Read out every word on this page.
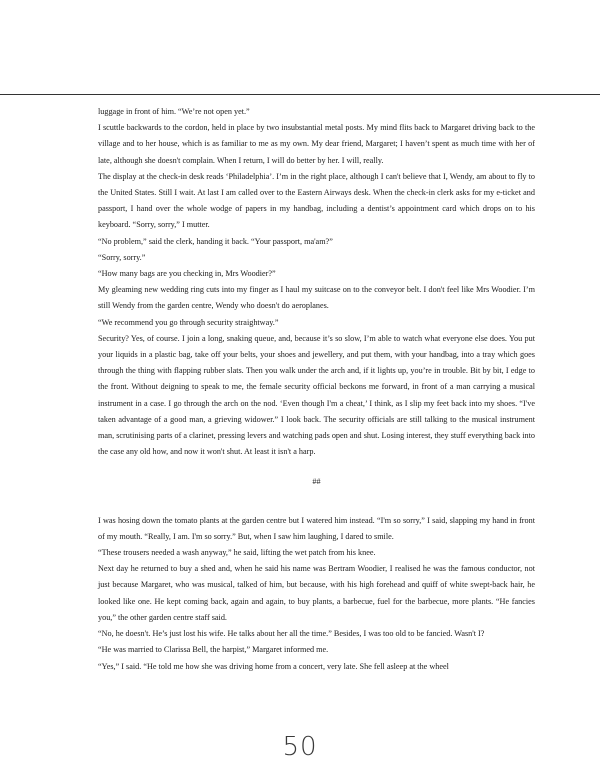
luggage in front of him. “We’re not open yet.”

I scuttle backwards to the cordon, held in place by two insubstantial metal posts. My mind flits back to Margaret driving back to the village and to her house, which is as familiar to me as my own. My dear friend, Margaret; I haven’t spent as much time with her of late, although she doesn't complain. When I return, I will do better by her. I will, really.

The display at the check-in desk reads ‘Philadelphia’. I’m in the right place, although I can't believe that I, Wendy, am about to fly to the United States. Still I wait. At last I am called over to the Eastern Airways desk. When the check-in clerk asks for my e-ticket and passport, I hand over the whole wodge of papers in my handbag, including a dentist’s appointment card which drops on to his keyboard. “Sorry, sorry,” I mutter.

“No problem,” said the clerk, handing it back. “Your passport, ma'am?”

“Sorry, sorry.”

“How many bags are you checking in, Mrs Woodier?”

My gleaming new wedding ring cuts into my finger as I haul my suitcase on to the conveyor belt. I don't feel like Mrs Woodier. I’m still Wendy from the garden centre, Wendy who doesn't do aeroplanes.

“We recommend you go through security straightway.”

Security? Yes, of course. I join a long, snaking queue, and, because it’s so slow, I’m able to watch what everyone else does. You put your liquids in a plastic bag, take off your belts, your shoes and jewellery, and put them, with your handbag, into a tray which goes through the thing with flapping rubber slats. Then you walk under the arch and, if it lights up, you’re in trouble. Bit by bit, I edge to the front. Without deigning to speak to me, the female security official beckons me forward, in front of a man carrying a musical instrument in a case. I go through the arch on the nod. ‘Even though I'm a cheat,’ I think, as I slip my feet back into my shoes. “I've taken advantage of a good man, a grieving widower.” I look back. The security officials are still talking to the musical instrument man, scrutinising parts of a clarinet, pressing levers and watching pads open and shut. Losing interest, they stuff everything back into the case any old how, and now it won't shut. At least it isn't a harp.

##

I was hosing down the tomato plants at the garden centre but I watered him instead. “I'm so sorry,” I said, slapping my hand in front of my mouth. “Really, I am. I'm so sorry.” But, when I saw him laughing, I dared to smile.

“These trousers needed a wash anyway,” he said, lifting the wet patch from his knee.

Next day he returned to buy a shed and, when he said his name was Bertram Woodier, I realised he was the famous conductor, not just because Margaret, who was musical, talked of him, but because, with his high forehead and quiff of white swept-back hair, he looked like one. He kept coming back, again and again, to buy plants, a barbecue, fuel for the barbecue, more plants. “He fancies you,” the other garden centre staff said.

“No, he doesn't. He’s just lost his wife. He talks about her all the time.” Besides, I was too old to be fancied. Wasn't I?

“He was married to Clarissa Bell, the harpist,” Margaret informed me.

“Yes,” I said. “He told me how she was driving home from a concert, very late. She fell asleep at the wheel

50
